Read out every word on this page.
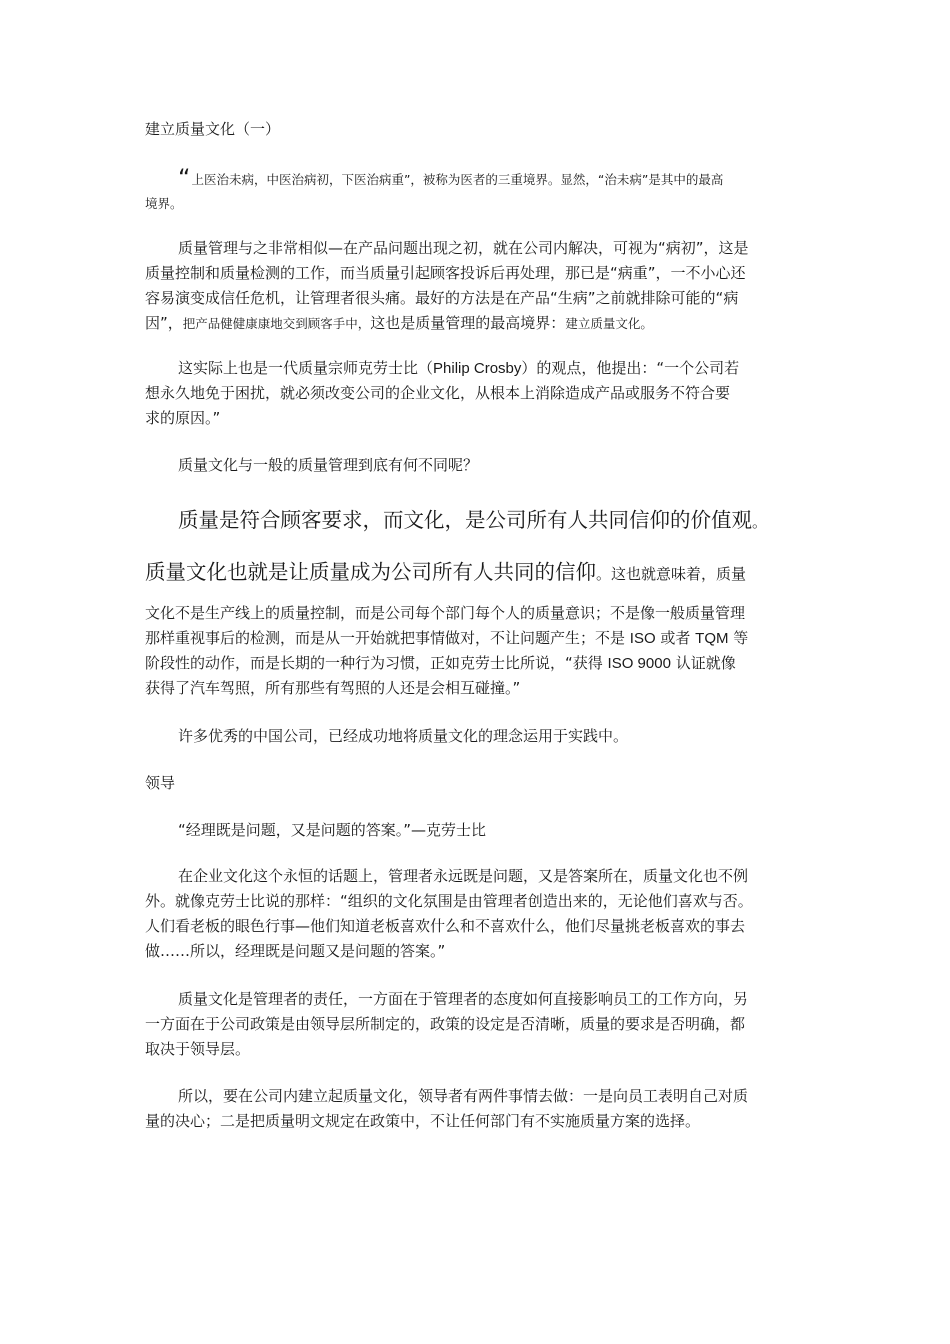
建立质量文化（一）
“上医治未病，中医治病初，下医治病重”，被称为医者的三重境界。显然，“治未病”是其中的最高
境界。
质量管理与之非常相似—在产品问题出现之初，就在公司内解决，可视为“病初”，这是
质量控制和质量检测的工作，而当质量引起顾客投诉后再处理，那已是“病重”，一不小心还
容易演变成信任危机，让管理者很头痛。最好的方法是在产品“生病”之前就排除可能的“病
因”，把产品健健康康地交到顾客手中，这也是质量管理的最高境界：建立质量文化。
这实际上也是一代质量宗师克劳士比（Philip Crosby）的观点，他提出：“一个公司若
想永久地免于困扰，就必须改变公司的企业文化，从根本上消除造成产品或服务不符合要
求的原因。”
质量文化与一般的质量管理到底有何不同呢？
质量是符合顾客要求，而文化，是公司所有人共同信仰的价值观。
质量文化也就是让质量成为公司所有人共同的信仰。这也就意味着，质量
文化不是生产线上的质量控制，而是公司每个部门每个人的质量意识；不是像一般质量管理
那样重视事后的检测，而是从一开始就把事情做对，不让问题产生；不是 ISO 或者 TQM 等
阶段性的动作，而是长期的一种行为习惯，正如克劳士比所说，“获得 ISO 9000 认证就像
获得了汽车驾照，所有那些有驾照的人还是会相互碰撞。”
许多优秀的中国公司，已经成功地将质量文化的理念运用于实践中。
领导
“经理既是问题，又是问题的答案。”—克劳士比
在企业文化这个永恒的话题上，管理者永远既是问题，又是答案所在，质量文化也不例
外。就像克劳士比说的那样：“组织的文化氛围是由管理者创造出来的，无论他们喜欢与否。
人们看老板的眼色行事—他们知道老板喜欢什么和不喜欢什么，他们尽量挑老板喜欢的事去
做……所以，经理既是问题又是问题的答案。”
质量文化是管理者的责任，一方面在于管理者的态度如何直接影响员工的工作方向，另
一方面在于公司政策是由领导层所制定的，政策的设定是否清晰，质量的要求是否明确，都
取决于领导层。
所以，要在公司内建立起质量文化，领导者有两件事情去做：一是向员工表明自己对质
量的决心；二是把质量明文规定在政策中，不让任何部门有不实施质量方案的选择。
